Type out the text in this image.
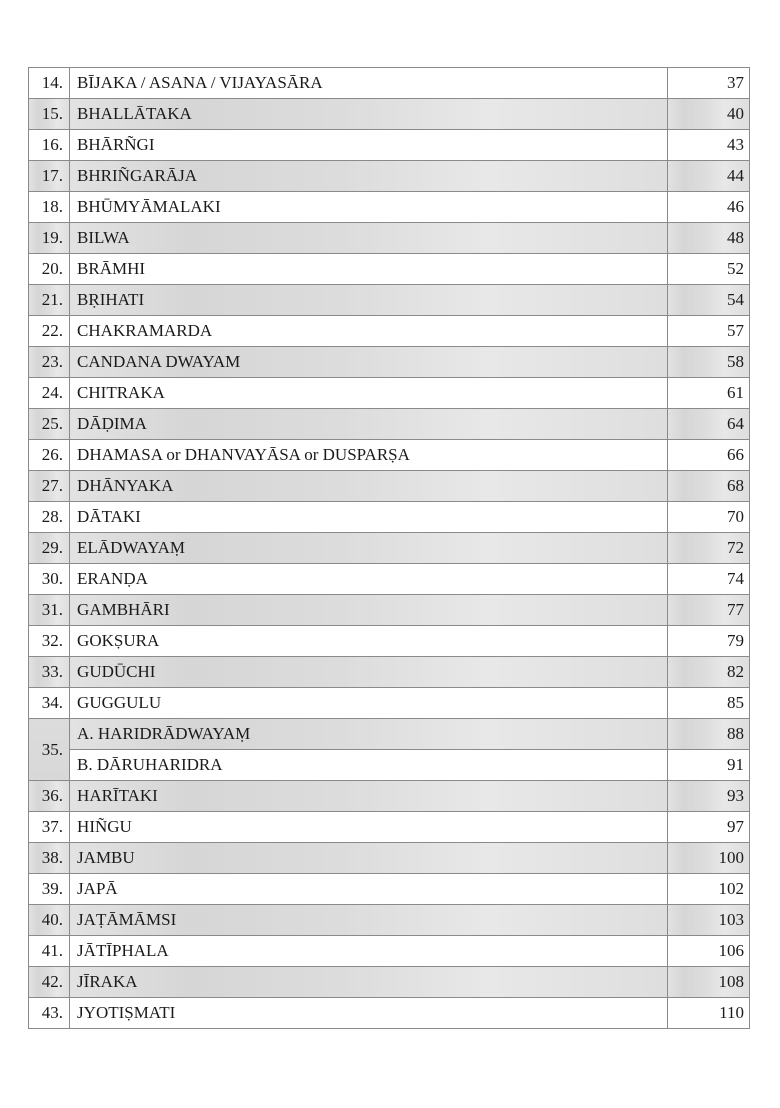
14.	BĪJAKA / ASANA / VIJAYASĀRA	37
15.	BHALLĀTAKA	40
16.	BHĀRÑGI	43
17.	BHRIÑGARĀJA	44
18.	BHŪMYĀMALAKI	46
19.	BILWA	48
20.	BRĀMHI	52
21.	BṚIHATI	54
22.	CHAKRAMARDA	57
23.	CANDANA DWAYAM	58
24.	CHITRAKA	61
25.	DĀḌIMA	64
26.	DHAMASA or DHANVAYĀSA or DUSPARṢA	66
27.	DHĀNYAKA	68
28.	DĀTAKI	70
29.	ELĀDWAYAṂ	72
30.	ERANḌA	74
31.	GAMBHĀRI	77
32.	GOKṢURA	79
33.	GUDŪCHI	82
34.	GUGGULU	85
35.	A. HARIDRĀDWAYAṂ	88
	B. DĀRUHARIDRA	91
36.	HARĪTAKI	93
37.	HIÑGU	97
38.	JAMBU	100
39.	JAPĀ	102
40.	JAṬĀMĀMSI	103
41.	JĀTĪPHALA	106
42.	JĪRAKA	108
43.	JYOTIṢMATI	110
